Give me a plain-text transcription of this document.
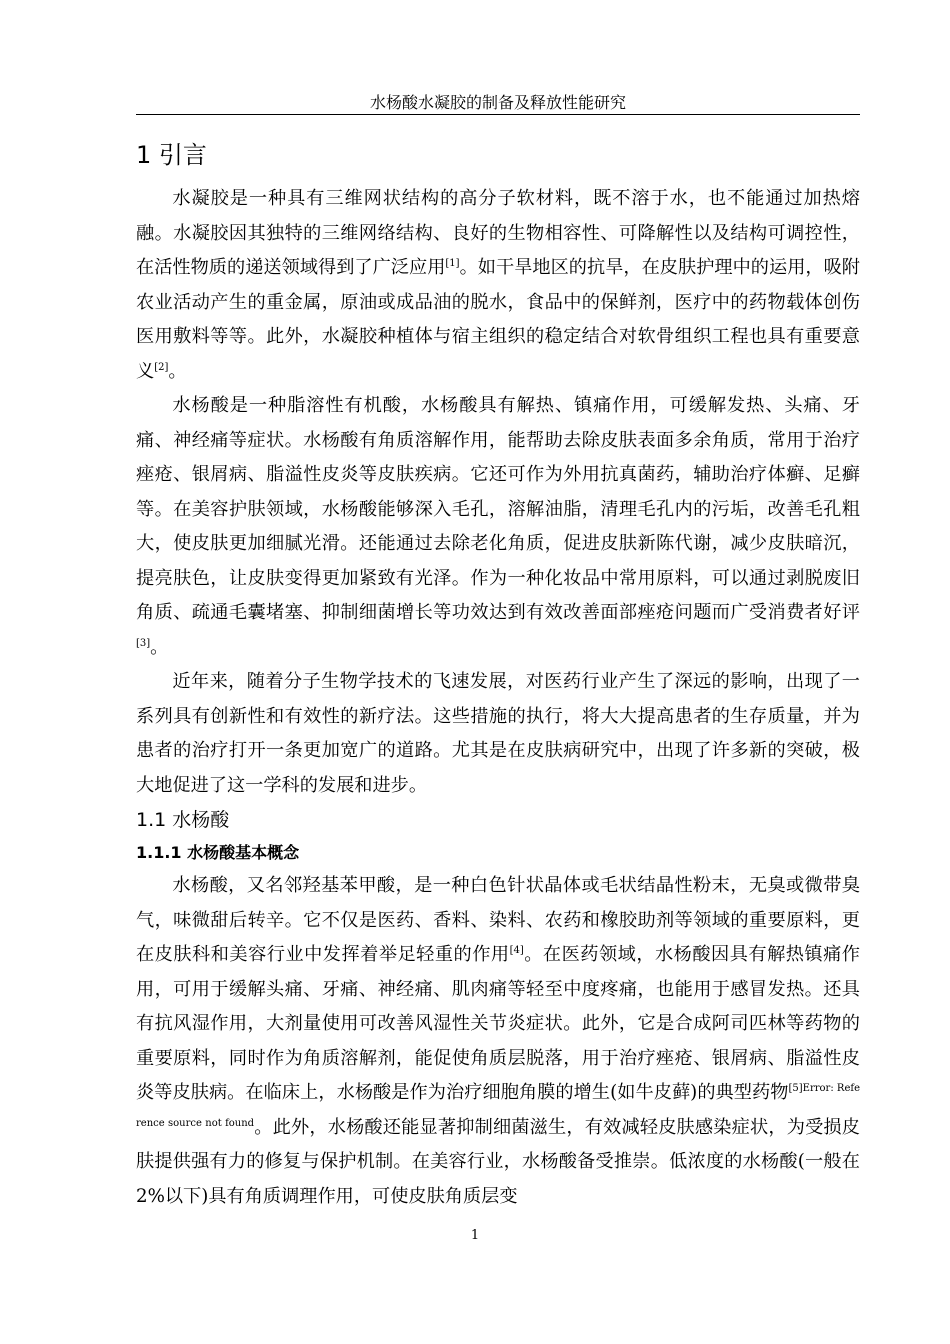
水杨酸水凝胶的制备及释放性能研究
1 引言

水凝胶是一种具有三维网状结构的高分子软材料，既不溶于水，也不能通过加热熔融。水凝胶因其独特的三维网络结构、良好的生物相容性、可降解性以及结构可调控性，在活性物质的递送领域得到了广泛应用[1]。如干旱地区的抗旱，在皮肤护理中的运用，吸附农业活动产生的重金属，原油或成品油的脱水，食品中的保鲜剂，医疗中的药物载体创伤医用敷料等等。此外，水凝胶种植体与宿主组织的稳定结合对软骨组织工程也具有重要意义[2]。

水杨酸是一种脂溶性有机酸，水杨酸具有解热、镇痛作用，可缓解发热、头痛、牙痛、神经痛等症状。水杨酸有角质溶解作用，能帮助去除皮肤表面多余角质，常用于治疗痤疮、银屑病、脂溢性皮炎等皮肤疾病。它还可作为外用抗真菌药，辅助治疗体癣、足癣等。在美容护肤领域，水杨酸能够深入毛孔，溶解油脂，清理毛孔内的污垢，改善毛孔粗大，使皮肤更加细腻光滑。还能通过去除老化角质，促进皮肤新陈代谢，减少皮肤暗沉，提亮肤色，让皮肤变得更加紧致有光泽。作为一种化妆品中常用原料，可以通过剥脱废旧角质、疏通毛囊堵塞、抑制细菌增长等功效达到有效改善面部痤疮问题而广受消费者好评[3]。

近年来，随着分子生物学技术的飞速发展，对医药行业产生了深远的影响，出现了一系列具有创新性和有效性的新疗法。这些措施的执行，将大大提高患者的生存质量，并为患者的治疗打开一条更加宽广的道路。尤其是在皮肤病研究中，出现了许多新的突破，极大地促进了这一学科的发展和进步。

1.1 水杨酸
1.1.1 水杨酸基本概念

水杨酸，又名邻羟基苯甲酸，是一种白色针状晶体或毛状结晶性粉末，无臭或微带臭气，味微甜后转辛。它不仅是医药、香料、染料、农药和橡胶助剂等领域的重要原料，更在皮肤科和美容行业中发挥着举足轻重的作用[4]。在医药领域，水杨酸因具有解热镇痛作用，可用于缓解头痛、牙痛、神经痛、肌肉痛等轻至中度疼痛，也能用于感冒发热。还具有抗风湿作用，大剂量使用可改善风湿性关节炎症状。此外，它是合成阿司匹林等药物的重要原料，同时作为角质溶解剂，能促使角质层脱落，用于治疗痤疮、银屑病、脂溢性皮炎等皮肤病。在临床上，水杨酸是作为治疗细胞角膜的增生(如牛皮藓)的典型药物$^{[5]Error: Reference source not found}$。此外，水杨酸还能显著抑制细菌滋生，有效减轻皮肤感染症状，为受损皮肤提供强有力的修复与保护机制。在美容行业，水杨酸备受推崇。低浓度的水杨酸(一般在 2%以下)具有角质调理作用，可使皮肤角质层变

1
